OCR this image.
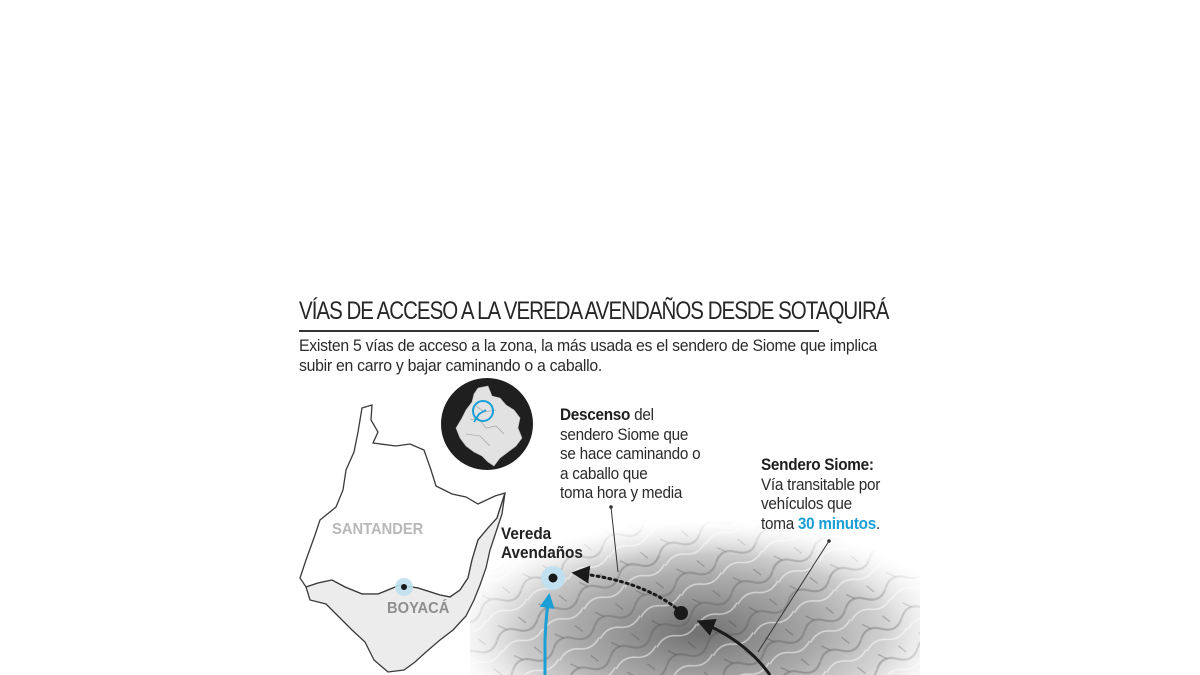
VÍAS DE ACCESO A LA VEREDA AVENDAÑOS DESDE SOTAQUIRÁ

Existen 5 vías de acceso a la zona, la más usada es el sendero de Siome que implica subir en carro y bajar caminando o a caballo.

SANTANDER
BOYACÁ
Vereda
Avendaños
Descenso del
sendero Siome que
se hace caminando o
a caballo que
toma hora y media
Sendero Siome:
Vía transitable por
vehículos que
toma 30 minutos.
